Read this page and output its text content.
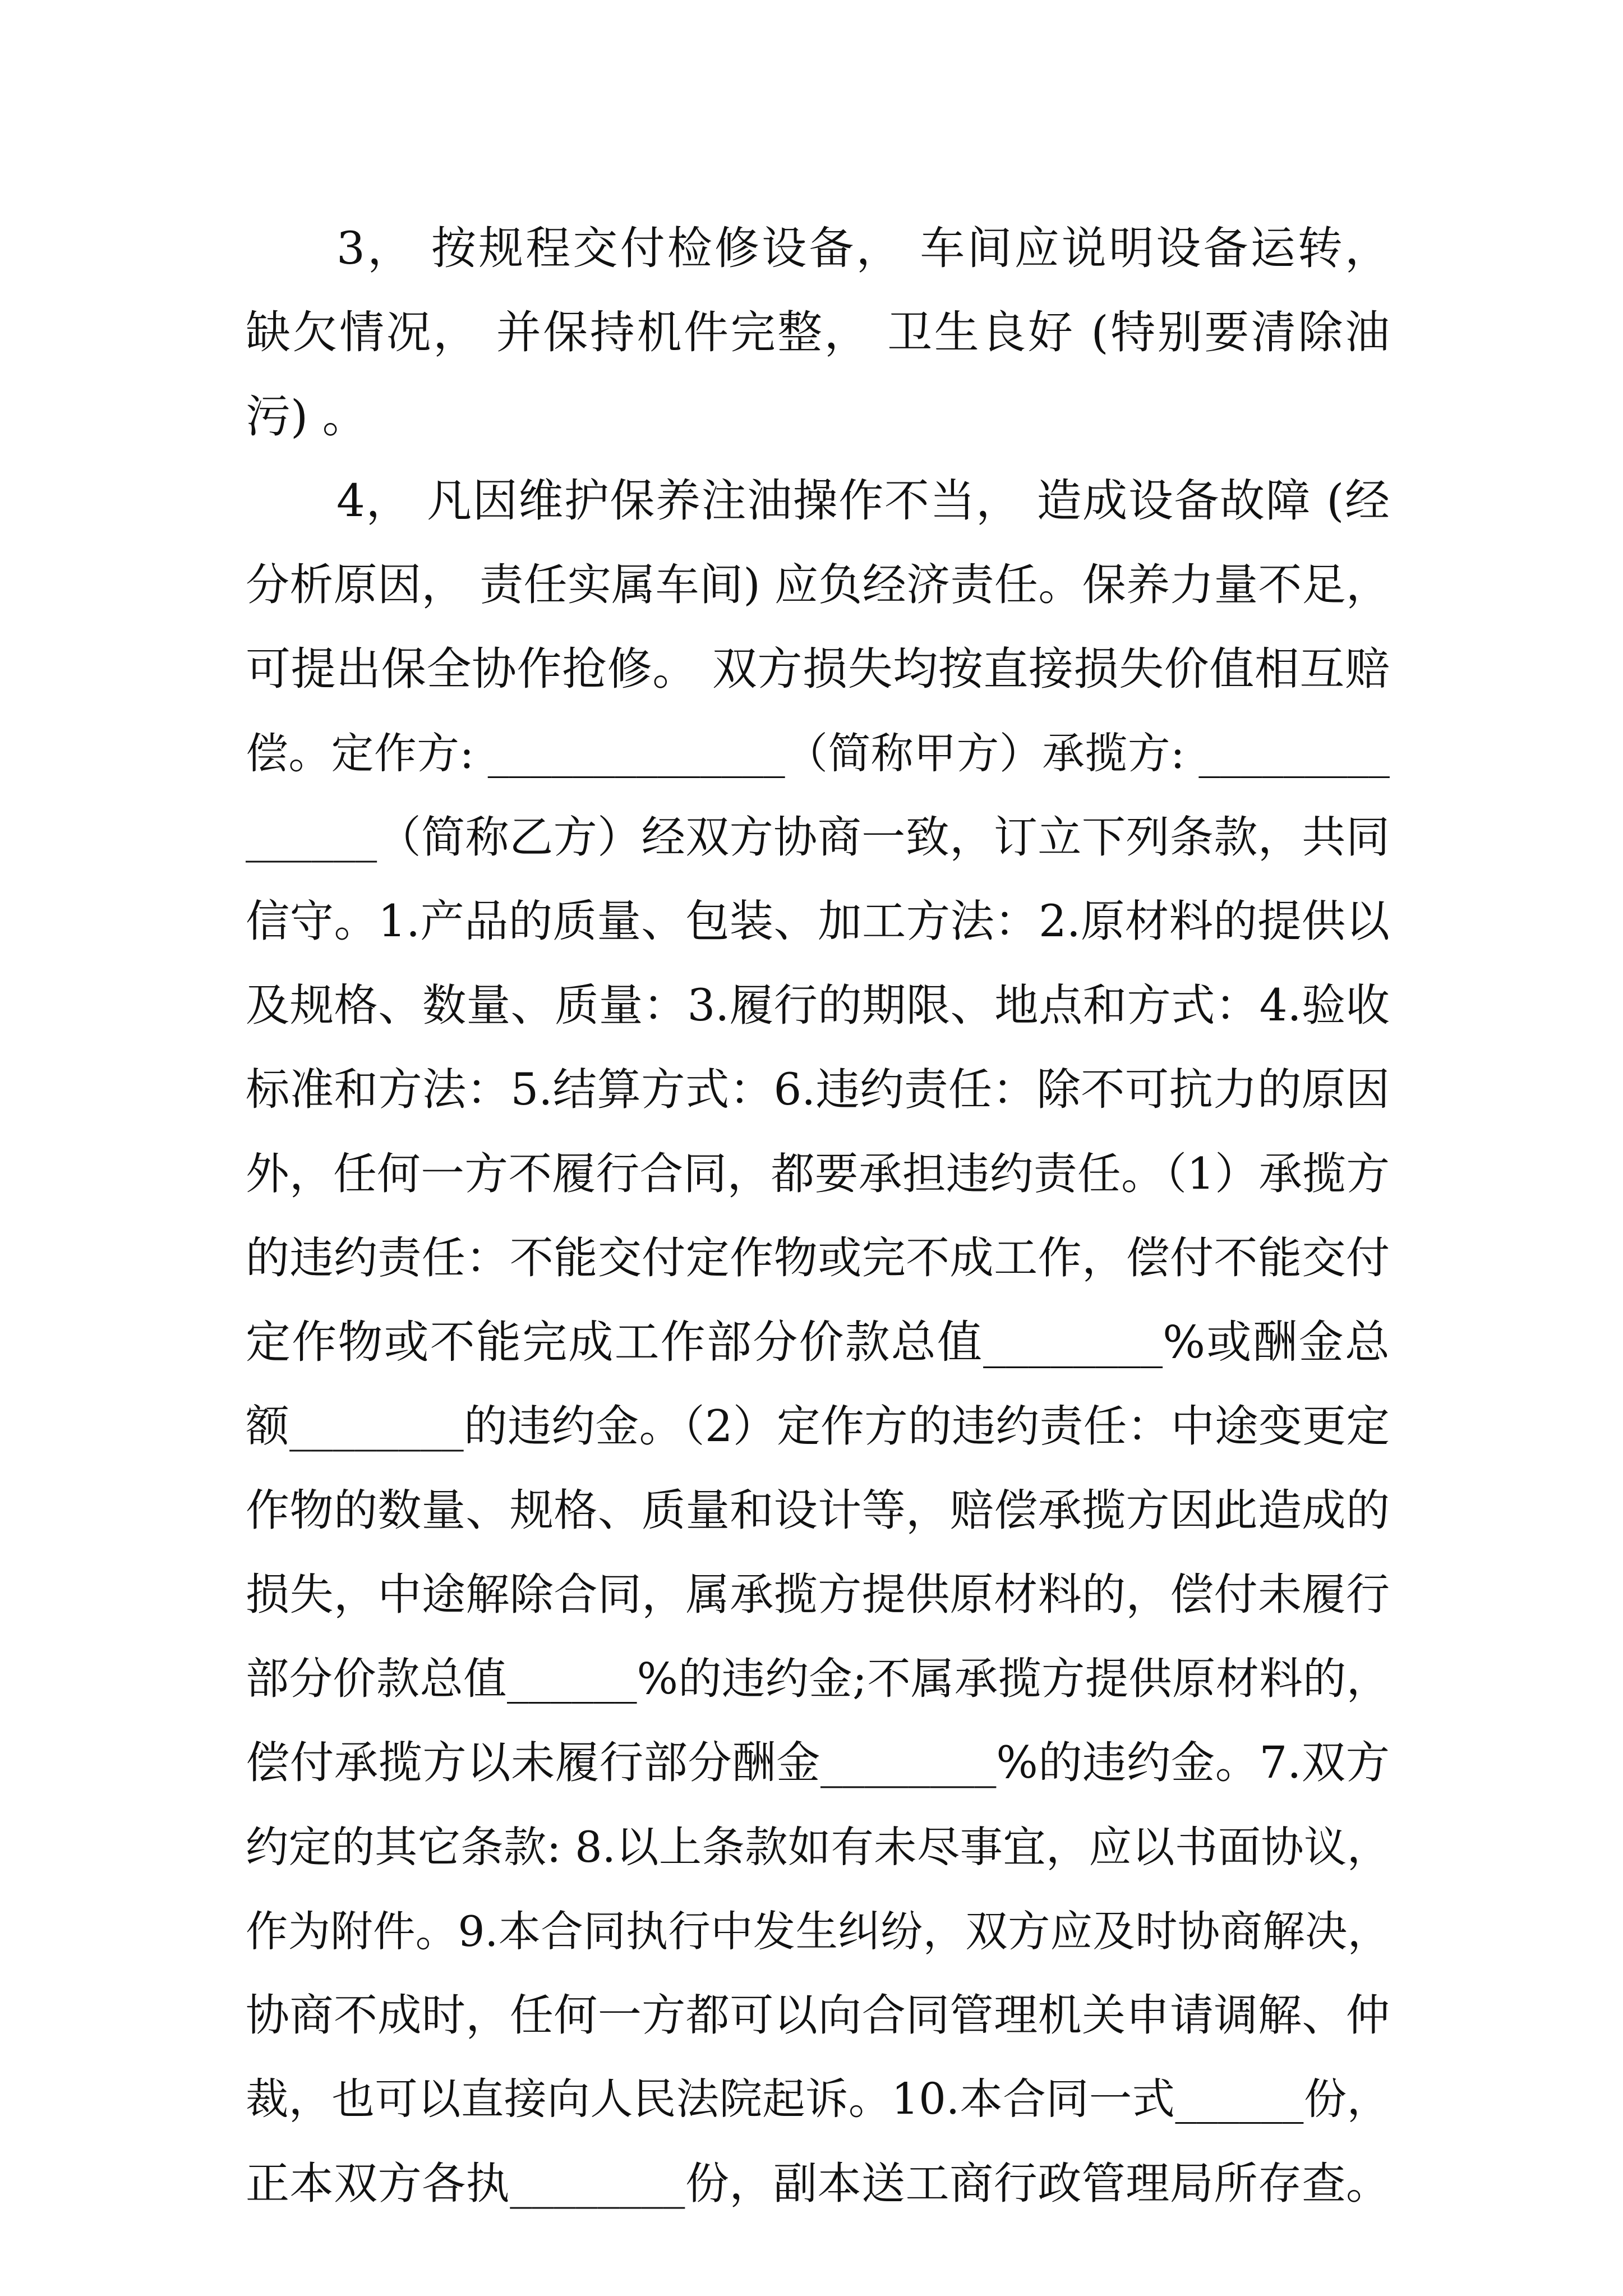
3， 按规程交付检修设备， 车间应说明设备运转，
缺欠情况， 并保持机件完整， 卫生良好 (特别要清除油
污) 。
4， 凡因维护保养注油操作不当， 造成设备故障 (经
分析原因， 责任实属车间) 应负经济责任。保养力量不足，
可提出保全协作抢修。 双方损失均按直接损失价值相互赔
偿。定作方: ______________（简称甲方）承揽方: _________
______（简称乙方）经双方协商一致，订立下列条款，共同
信守。1.产品的质量、包装、加工方法：2.原材料的提供以
及规格、数量、质量：3.履行的期限、地点和方式：4.验收
标准和方法：5.结算方式：6.违约责任：除不可抗力的原因
外，任何一方不履行合同，都要承担违约责任。（1）承揽方
的违约责任：不能交付定作物或完不成工作，偿付不能交付
定作物或不能完成工作部分价款总值________%或酬金总
额________的违约金。（2）定作方的违约责任：中途变更定
作物的数量、规格、质量和设计等，赔偿承揽方因此造成的
损失，中途解除合同，属承揽方提供原材料的，偿付未履行
部分价款总值______%的违约金;不属承揽方提供原材料的，
偿付承揽方以未履行部分酬金________%的违约金。7.双方
约定的其它条款: 8.以上条款如有未尽事宜，应以书面协议，
作为附件。9.本合同执行中发生纠纷，双方应及时协商解决，
协商不成时，任何一方都可以向合同管理机关申请调解、仲
裁，也可以直接向人民法院起诉。10.本合同一式______份，
正本双方各执________份，副本送工商行政管理局所存查。
